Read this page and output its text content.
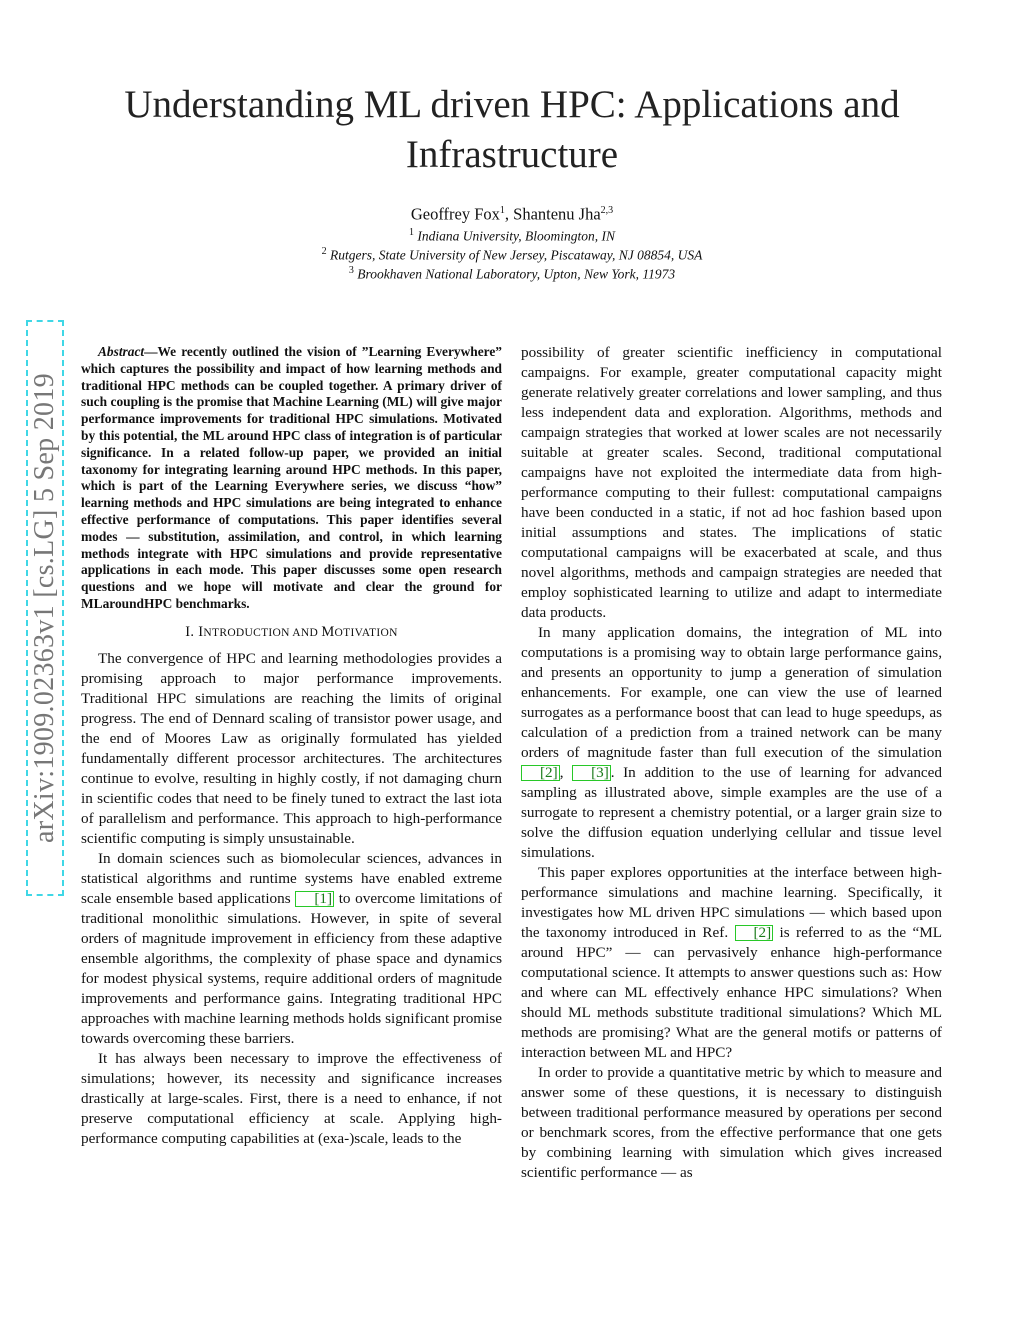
Understanding ML driven HPC: Applications and Infrastructure
Geoffrey Fox$^1$, Shantenu Jha$^{2,3}$
$^1$ Indiana University, Bloomington, IN
$^2$ Rutgers, State University of New Jersey, Piscataway, NJ 08854, USA
$^3$ Brookhaven National Laboratory, Upton, New York, 11973
arXiv:1909.02363v1 [cs.LG] 5 Sep 2019

Abstract—We recently outlined the vision of ”Learning Everywhere” which captures the possibility and impact of how learning methods and traditional HPC methods can be coupled together. A primary driver of such coupling is the promise that Machine Learning (ML) will give major performance improvements for traditional HPC simulations. Motivated by this potential, the ML around HPC class of integration is of particular significance. In a related follow-up paper, we provided an initial taxonomy for integrating learning around HPC methods. In this paper, which is part of the Learning Everywhere series, we discuss “how” learning methods and HPC simulations are being integrated to enhance effective performance of computations. This paper identifies several modes — substitution, assimilation, and control, in which learning methods integrate with HPC simulations and provide representative applications in each mode. This paper discusses some open research questions and we hope will motivate and clear the ground for MLaroundHPC benchmarks.

I. INTRODUCTION AND MOTIVATION

The convergence of HPC and learning methodologies provides a promising approach to major performance improvements. Traditional HPC simulations are reaching the limits of original progress. The end of Dennard scaling of transistor power usage, and the end of Moores Law as originally formulated has yielded fundamentally different processor architectures. The architectures continue to evolve, resulting in highly costly, if not damaging churn in scientific codes that need to be finely tuned to extract the last iota of parallelism and performance. This approach to high-performance scientific computing is simply unsustainable.

In domain sciences such as biomolecular sciences, advances in statistical algorithms and runtime systems have enabled extreme scale ensemble based applications [1] to overcome limitations of traditional monolithic simulations. However, in spite of several orders of magnitude improvement in efficiency from these adaptive ensemble algorithms, the complexity of phase space and dynamics for modest physical systems, require additional orders of magnitude improvements and performance gains. Integrating traditional HPC approaches with machine learning methods holds significant promise towards overcoming these barriers.

It has always been necessary to improve the effectiveness of simulations; however, its necessity and significance increases drastically at large-scales. First, there is a need to enhance, if not preserve computational efficiency at scale. Applying high-performance computing capabilities at (exa-)scale, leads to the

possibility of greater scientific inefficiency in computational campaigns. For example, greater computational capacity might generate relatively greater correlations and lower sampling, and thus less independent data and exploration. Algorithms, methods and campaign strategies that worked at lower scales are not necessarily suitable at greater scales. Second, traditional computational campaigns have not exploited the intermediate data from high-performance computing to their fullest: computational campaigns have been conducted in a static, if not ad hoc fashion based upon initial assumptions and states. The implications of static computational campaigns will be exacerbated at scale, and thus novel algorithms, methods and campaign strategies are needed that employ sophisticated learning to utilize and adapt to intermediate data products.

In many application domains, the integration of ML into computations is a promising way to obtain large performance gains, and presents an opportunity to jump a generation of simulation enhancements. For example, one can view the use of learned surrogates as a performance boost that can lead to huge speedups, as calculation of a prediction from a trained network can be many orders of magnitude faster than full execution of the simulation [2] , [3] . In addition to the use of learning for advanced sampling as illustrated above, simple examples are the use of a surrogate to represent a chemistry potential, or a larger grain size to solve the diffusion equation underlying cellular and tissue level simulations.

This paper explores opportunities at the interface between high-performance simulations and machine learning. Specifically, it investigates how ML driven HPC simulations — which based upon the taxonomy introduced in Ref. [2] is referred to as the “ML around HPC” — can pervasively enhance high-performance computational science. It attempts to answer questions such as: How and where can ML effectively enhance HPC simulations? When should ML methods substitute traditional simulations? Which ML methods are promising? What are the general motifs or patterns of interaction between ML and HPC?

In order to provide a quantitative metric by which to measure and answer some of these questions, it is necessary to distinguish between traditional performance measured by operations per second or benchmark scores, from the effective performance that one gets by combining learning with simulation which gives increased scientific performance — as
